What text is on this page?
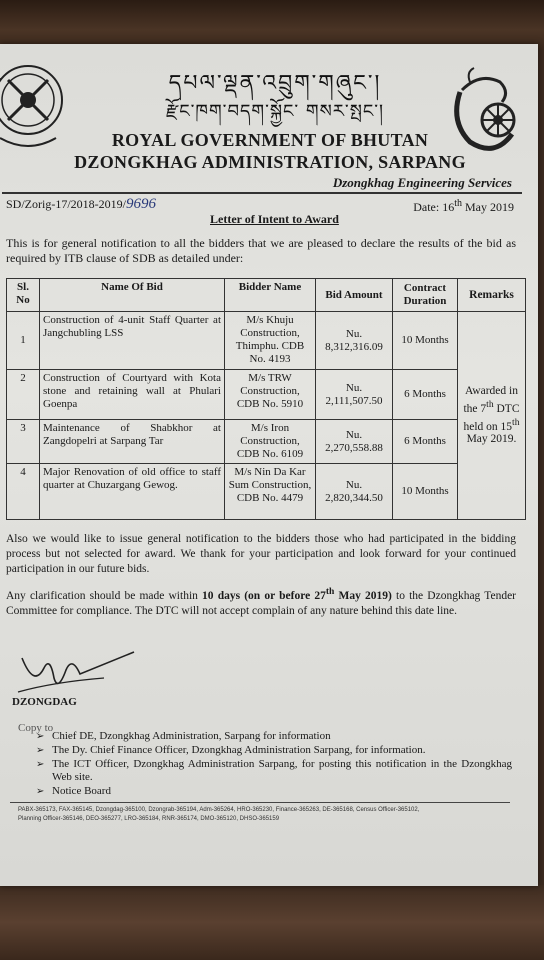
དཔལ་ལྡན་འབྲུག་གཞུང་།
རྫོང་ཁག་བདག་སྐྱོང་ གསར་སྤང་།
ROYAL GOVERNMENT OF BHUTAN
DZONGKHAG ADMINISTRATION, SARPANG
Dzongkhag Engineering Services
SD/Zorig-17/2018-2019/9696	Date: 16th May 2019
Letter of Intent to Award
This is for general notification to all the bidders that we are pleased to declare the results of the bid as required by ITB clause of SDB as detailed under:
Sl. No	Name Of Bid	Bidder Name	Bid Amount	Contract Duration	Remarks
1	Construction of 4-unit Staff Quarter at Jangchubling LSS	M/s Khuju Construction, Thimphu. CDB No. 4193	Nu. 8,312,316.09	10 Months	Awarded in the 7th DTC held on 15th May 2019.
2	Construction of Courtyard with Kota stone and retaining wall at Phulari Goenpa	M/s TRW Construction, CDB No. 5910	Nu. 2,111,507.50	6 Months	
3	Maintenance of Shabkhor at Zangdopelri at Sarpang Tar	M/s Iron Construction, CDB No. 6109	Nu. 2,270,558.88	6 Months	
4	Major Renovation of old office to staff quarter at Chuzargang Gewog.	M/s Nin Da Kar Sum Construction, CDB No. 4479	Nu. 2,820,344.50	10 Months	
Also we would like to issue general notification to the bidders those who had participated in the bidding process but not selected for award. We thank for your participation and look forward for your continued participation in our future bids.
Any clarification should be made within 10 days (on or before 27th May 2019) to the Dzongkhag Tender Committee for compliance. The DTC will not accept complain of any nature behind this date line.
DZONGDAG
Copy to
➢ Chief DE, Dzongkhag Administration, Sarpang for information
➢ The Dy. Chief Finance Officer, Dzongkhag Administration Sarpang, for information.
➢ The ICT Officer, Dzongkhag Administration Sarpang, for posting this notification in the Dzongkhag Web site.
➢ Notice Board
PABX-365173, FAX-365145, Dzongdag-365100, Dzongrab-365194, Adm-365264, HRO-365230, Finance-365263, DE-365168, Census Officer-365102,
Planning Officer-365146, DEO-365277, LRO-365184, RNR-365174, DMO-365120, DHSO-365159
